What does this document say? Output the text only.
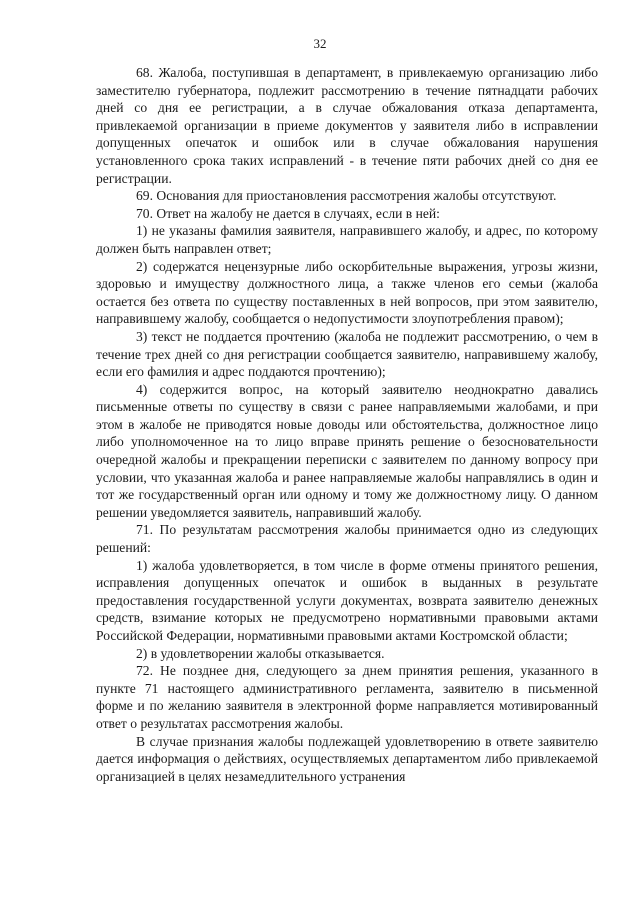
32

68. Жалоба, поступившая в департамент, в привлекаемую организацию либо заместителю губернатора, подлежит рассмотрению в течение пятнадцати рабочих дней со дня ее регистрации, а в случае обжалования отказа департамента, привлекаемой организации в приеме документов у заявителя либо в исправлении допущенных опечаток и ошибок или в случае обжалования нарушения установленного срока таких исправлений - в течение пяти рабочих дней со дня ее регистрации.

69. Основания для приостановления рассмотрения жалобы отсутствуют.

70. Ответ на жалобу не дается в случаях, если в ней:

1) не указаны фамилия заявителя, направившего жалобу, и адрес, по которому должен быть направлен ответ;

2) содержатся нецензурные либо оскорбительные выражения, угрозы жизни, здоровью и имуществу должностного лица, а также членов его семьи (жалоба остается без ответа по существу поставленных в ней вопросов, при этом заявителю, направившему жалобу, сообщается о недопустимости злоупотребления правом);

3) текст не поддается прочтению (жалоба не подлежит рассмотрению, о чем в течение трех дней со дня регистрации сообщается заявителю, направившему жалобу, если его фамилия и адрес поддаются прочтению);

4) содержится вопрос, на который заявителю неоднократно давались письменные ответы по существу в связи с ранее направляемыми жалобами, и при этом в жалобе не приводятся новые доводы или обстоятельства, должностное лицо либо уполномоченное на то лицо вправе принять решение о безосновательности очередной жалобы и прекращении переписки с заявителем по данному вопросу при условии, что указанная жалоба и ранее направляемые жалобы направлялись в один и тот же государственный орган или одному и тому же должностному лицу. О данном решении уведомляется заявитель, направивший жалобу.

71. По результатам рассмотрения жалобы принимается одно из следующих решений:

1) жалоба удовлетворяется, в том числе в форме отмены принятого решения, исправления допущенных опечаток и ошибок в выданных в результате предоставления государственной услуги документах, возврата заявителю денежных средств, взимание которых не предусмотрено нормативными правовыми актами Российской Федерации, нормативными правовыми актами Костромской области;

2) в удовлетворении жалобы отказывается.

72. Не позднее дня, следующего за днем принятия решения, указанного в пункте 71 настоящего административного регламента, заявителю в письменной форме и по желанию заявителя в электронной форме направляется мотивированный ответ о результатах рассмотрения жалобы.

В случае признания жалобы подлежащей удовлетворению в ответе заявителю дается информация о действиях, осуществляемых департаментом либо привлекаемой организацией в целях незамедлительного устранения
